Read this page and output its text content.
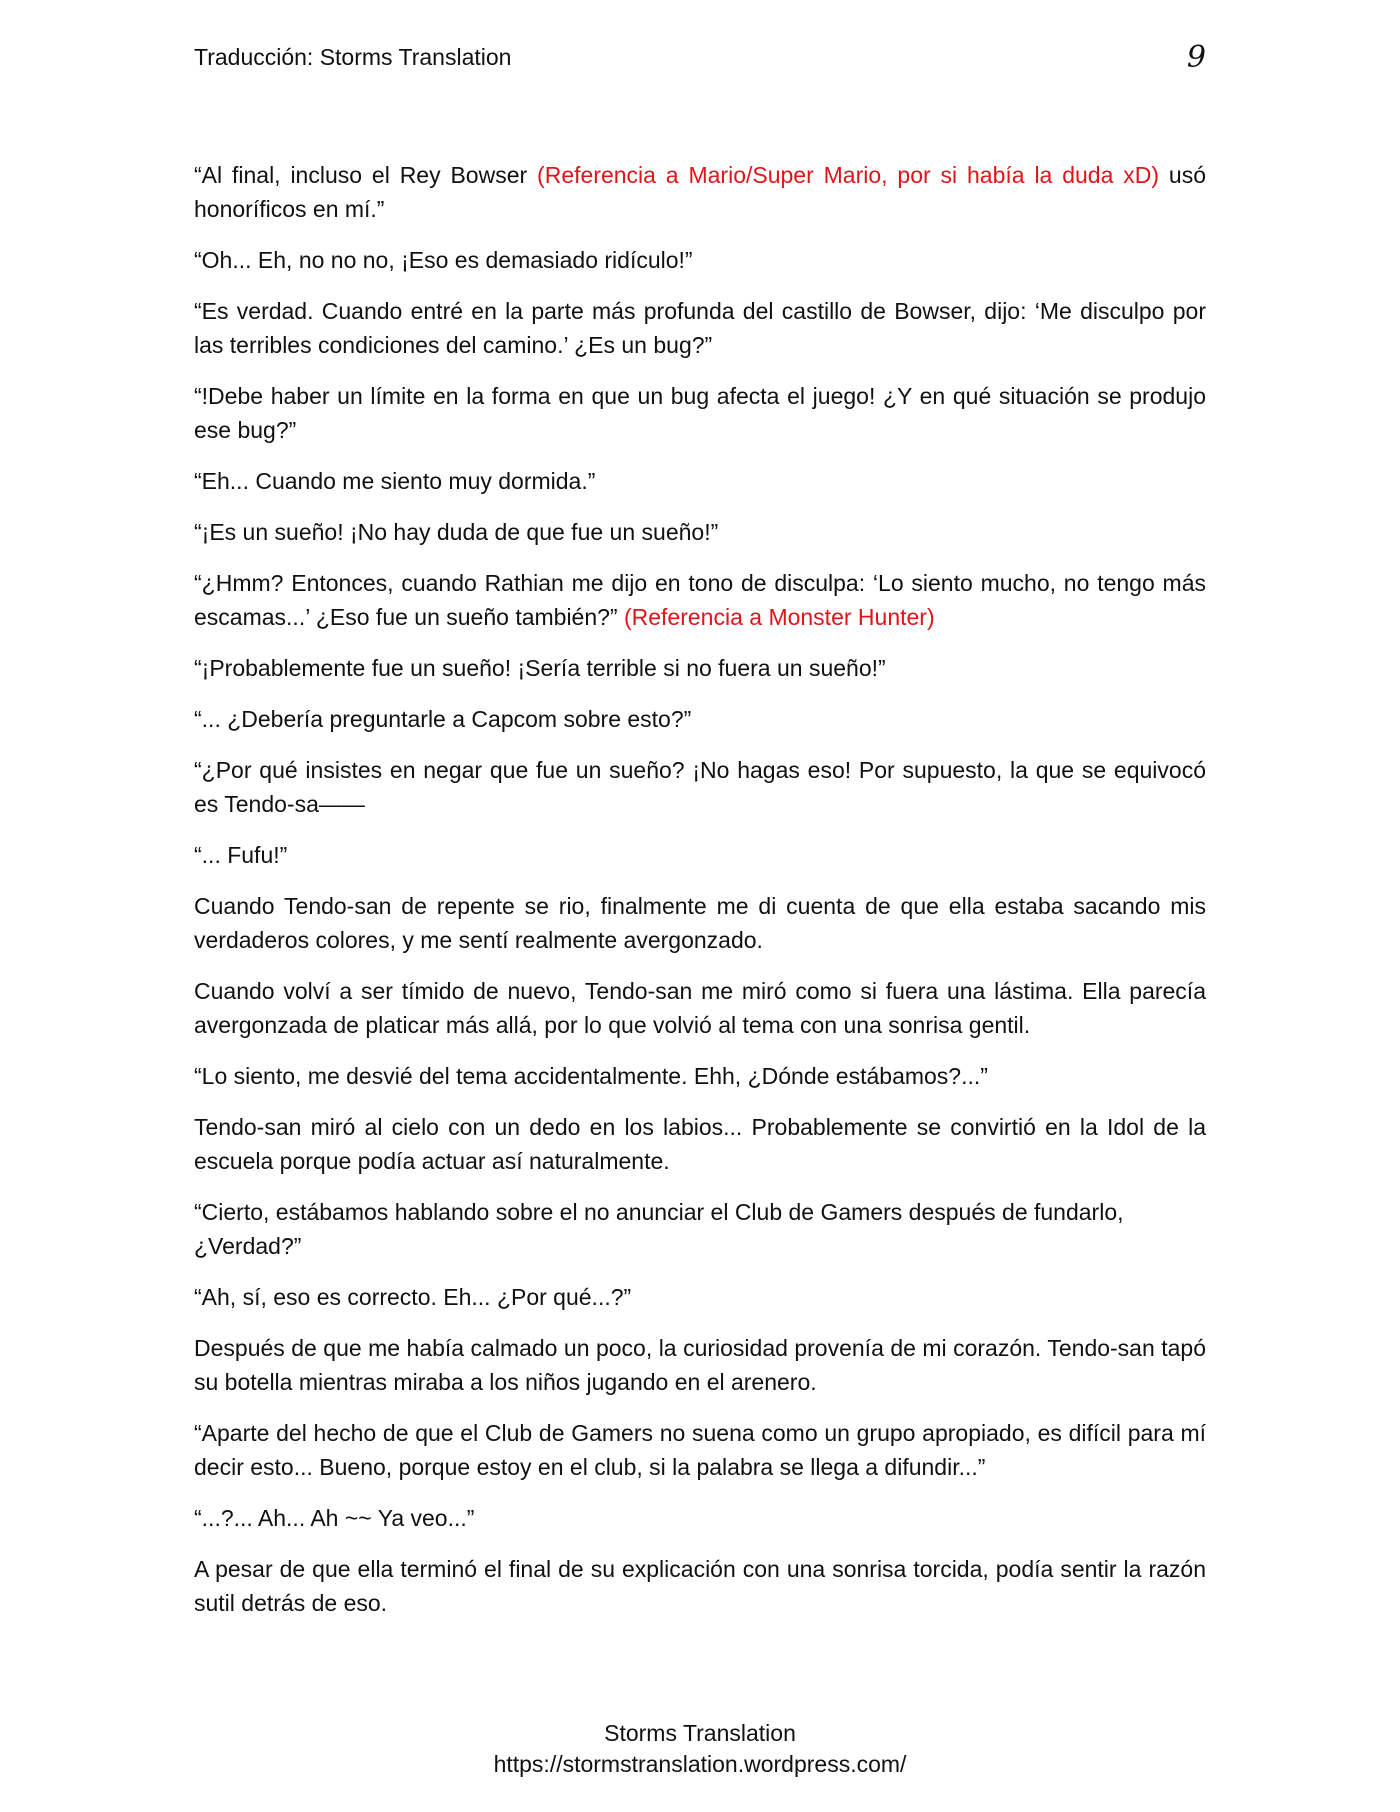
Traducción: Storms Translation	9

“Al final, incluso el Rey Bowser (Referencia a Mario/Super Mario, por si había la duda xD) usó honoríficos en mí.”

“Oh... Eh, no no no, ¡Eso es demasiado ridículo!”

“Es verdad. Cuando entré en la parte más profunda del castillo de Bowser, dijo: ‘Me disculpo por las terribles condiciones del camino.’ ¿Es un bug?”

“!Debe haber un límite en la forma en que un bug afecta el juego! ¿Y en qué situación se produjo ese bug?”

“Eh... Cuando me siento muy dormida.”

“¡Es un sueño! ¡No hay duda de que fue un sueño!”

“¿Hmm? Entonces, cuando Rathian me dijo en tono de disculpa: ‘Lo siento mucho, no tengo más escamas...’ ¿Eso fue un sueño también?” (Referencia a Monster Hunter)

“¡Probablemente fue un sueño! ¡Sería terrible si no fuera un sueño!”

“... ¿Debería preguntarle a Capcom sobre esto?”

“¿Por qué insistes en negar que fue un sueño? ¡No hagas eso! Por supuesto, la que se equivocó es Tendo-sa——

“... Fufu!”

Cuando Tendo-san de repente se rio, finalmente me di cuenta de que ella estaba sacando mis verdaderos colores, y me sentí realmente avergonzado.

Cuando volví a ser tímido de nuevo, Tendo-san me miró como si fuera una lástima. Ella parecía avergonzada de platicar más allá, por lo que volvió al tema con una sonrisa gentil.

“Lo siento, me desvié del tema accidentalmente. Ehh, ¿Dónde estábamos?...”

Tendo-san miró al cielo con un dedo en los labios... Probablemente se convirtió en la Idol de la escuela porque podía actuar así naturalmente.

“Cierto, estábamos hablando sobre el no anunciar el Club de Gamers después de fundarlo, ¿Verdad?”

“Ah, sí, eso es correcto. Eh... ¿Por qué...?”

Después de que me había calmado un poco, la curiosidad provenía de mi corazón. Tendo-san tapó su botella mientras miraba a los niños jugando en el arenero.

“Aparte del hecho de que el Club de Gamers no suena como un grupo apropiado, es difícil para mí decir esto... Bueno, porque estoy en el club, si la palabra se llega a difundir...”

“...?... Ah... Ah ~~ Ya veo...”

A pesar de que ella terminó el final de su explicación con una sonrisa torcida, podía sentir la razón sutil detrás de eso.

Storms Translation
https://stormstranslation.wordpress.com/
